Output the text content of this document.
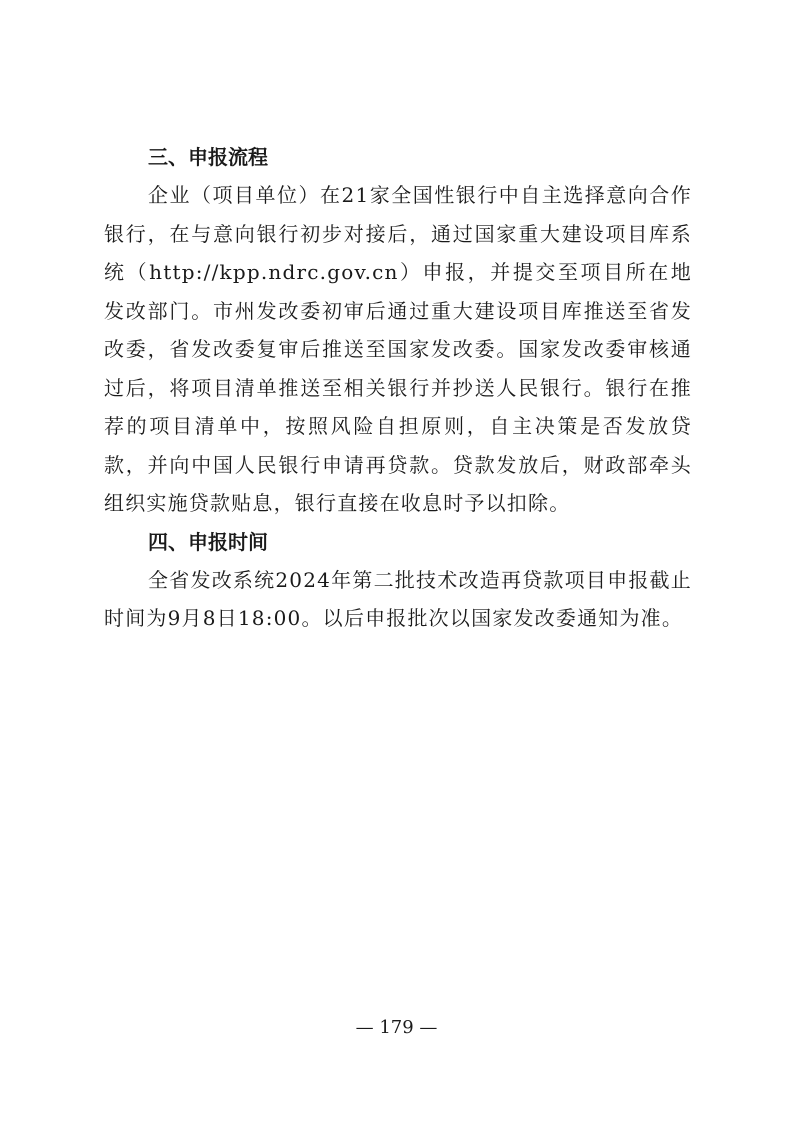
三、申报流程

企业（项目单位）在21家全国性银行中自主选择意向合作银行，在与意向银行初步对接后，通过国家重大建设项目库系统（http://kpp.ndrc.gov.cn）申报，并提交至项目所在地发改部门。市州发改委初审后通过重大建设项目库推送至省发改委，省发改委复审后推送至国家发改委。国家发改委审核通过后，将项目清单推送至相关银行并抄送人民银行。银行在推荐的项目清单中，按照风险自担原则，自主决策是否发放贷款，并向中国人民银行申请再贷款。贷款发放后，财政部牵头组织实施贷款贴息，银行直接在收息时予以扣除。

四、申报时间

全省发改系统2024年第二批技术改造再贷款项目申报截止时间为9月8日18:00。以后申报批次以国家发改委通知为准。

— 179 —
